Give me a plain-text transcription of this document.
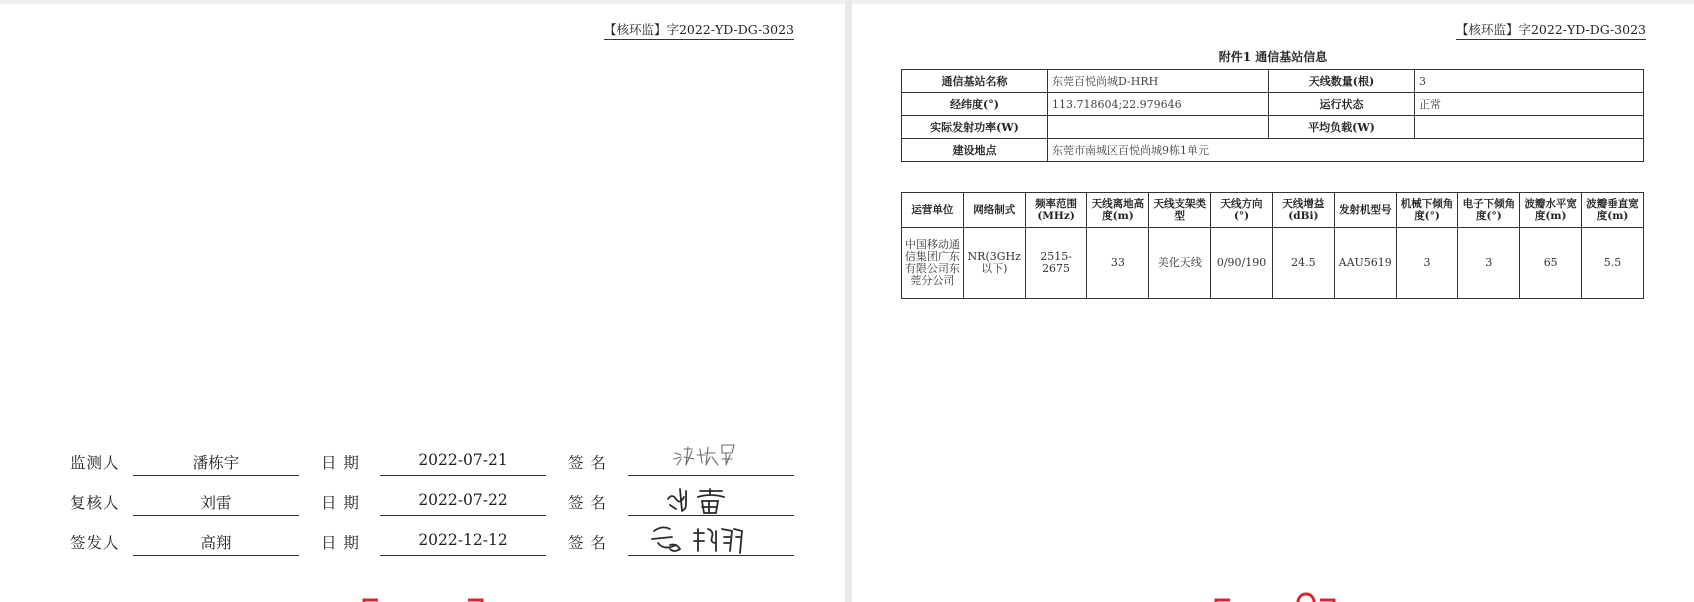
【核环监】字2022-YD-DG-3023
监测人	潘栋宇	日 期	2022-07-21	签 名
复核人	刘雷	日 期	2022-07-22	签 名
签发人	高翔	日 期	2022-12-12	签 名
【核环监】字2022-YD-DG-3023
附件1 通信基站信息
通信基站名称	东莞百悦尚城D-HRH	天线数量(根)	3
经纬度(°)	113.718604;22.979646	运行状态	正常
实际发射功率(W)		平均负载(W)	
建设地点	东莞市南城区百悦尚城9栋1单元		
运营单位	网络制式	频率范围(MHz)	天线离地高度(m)	天线支架类型	天线方向(°)	天线增益(dBi)	发射机型号	机械下倾角度(°)	电子下倾角度(°)	波瓣水平宽度(m)	波瓣垂直宽度(m)
中国移动通信集团广东有限公司东莞分公司	NR(3GHz以下)	2515-2675	33	美化天线	0/90/190	24.5	AAU5619	3	3	65	5.5
